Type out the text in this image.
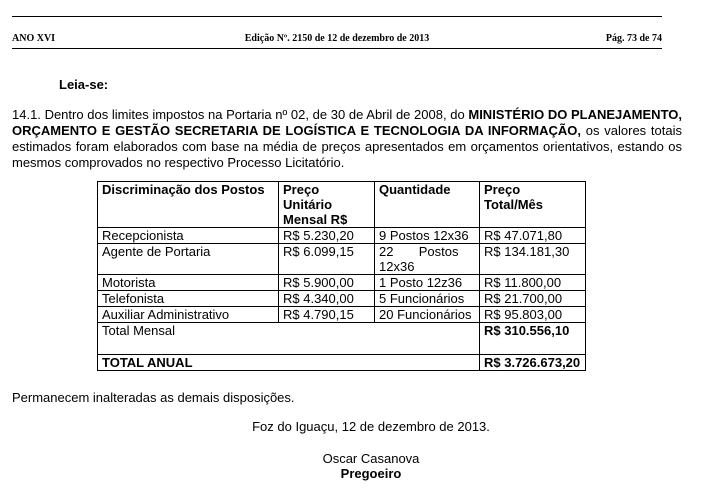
ANO XVI	Edição Nº. 2150 de 12 de dezembro de 2013	Pág. 73 de 74
Leia-se:
14.1. Dentro dos limites impostos na Portaria nº 02, de 30 de Abril de 2008, do MINISTÉRIO DO PLANEJAMENTO, ORÇAMENTO E GESTÃO SECRETARIA DE LOGÍSTICA E TECNOLOGIA DA INFORMAÇÃO, os valores totais estimados foram elaborados com base na média de preços apresentados em orçamentos orientativos, estando os mesmos comprovados no respectivo Processo Licitatório.
Discriminação dos Postos	Preço Unitário Mensal R$	Quantidade	Preço Total/Mês
Recepcionista	R$ 5.230,20	9 Postos 12x36	R$ 47.071,80
Agente de Portaria	R$ 6.099,15	22       Postos 12x36	R$ 134.181,30
Motorista	R$ 5.900,00	1 Posto 12z36	R$ 11.800,00
Telefonista	R$ 4.340,00	5 Funcionários	R$ 21.700,00
Auxiliar Administrativo	R$ 4.790,15	20 Funcionários	R$ 95.803,00
Total Mensal			R$ 310.556,10
TOTAL ANUAL			R$ 3.726.673,20
Permanecem inalteradas as demais disposições.
Foz do Iguaçu, 12 de dezembro de 2013.
Oscar Casanova
Pregoeiro
